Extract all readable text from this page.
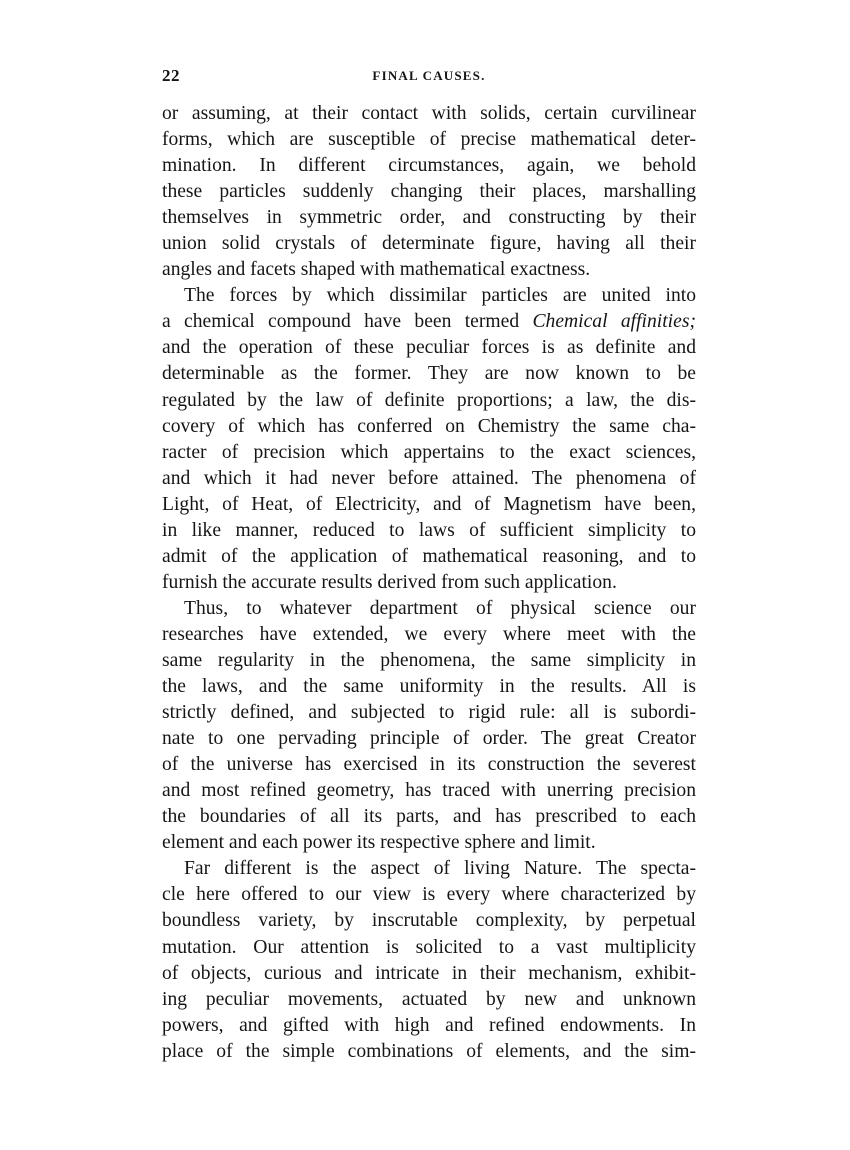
22	FINAL CAUSES.
or assuming, at their contact with solids, certain curvilinear
forms, which are susceptible of precise mathematical deter-
mination. In different circumstances, again, we behold
these particles suddenly changing their places, marshalling
themselves in symmetric order, and constructing by their
union solid crystals of determinate figure, having all their
angles and facets shaped with mathematical exactness.
The forces by which dissimilar particles are united into
a chemical compound have been termed Chemical affinities;
and the operation of these peculiar forces is as definite and
determinable as the former. They are now known to be
regulated by the law of definite proportions; a law, the dis-
covery of which has conferred on Chemistry the same cha-
racter of precision which appertains to the exact sciences,
and which it had never before attained. The phenomena of
Light, of Heat, of Electricity, and of Magnetism have been,
in like manner, reduced to laws of sufficient simplicity to
admit of the application of mathematical reasoning, and to
furnish the accurate results derived from such application.
Thus, to whatever department of physical science our
researches have extended, we every where meet with the
same regularity in the phenomena, the same simplicity in
the laws, and the same uniformity in the results. All is
strictly defined, and subjected to rigid rule: all is subordi-
nate to one pervading principle of order. The great Creator
of the universe has exercised in its construction the severest
and most refined geometry, has traced with unerring precision
the boundaries of all its parts, and has prescribed to each
element and each power its respective sphere and limit.
Far different is the aspect of living Nature. The specta-
cle here offered to our view is every where characterized by
boundless variety, by inscrutable complexity, by perpetual
mutation. Our attention is solicited to a vast multiplicity
of objects, curious and intricate in their mechanism, exhibit-
ing peculiar movements, actuated by new and unknown
powers, and gifted with high and refined endowments. In
place of the simple combinations of elements, and the sim-
